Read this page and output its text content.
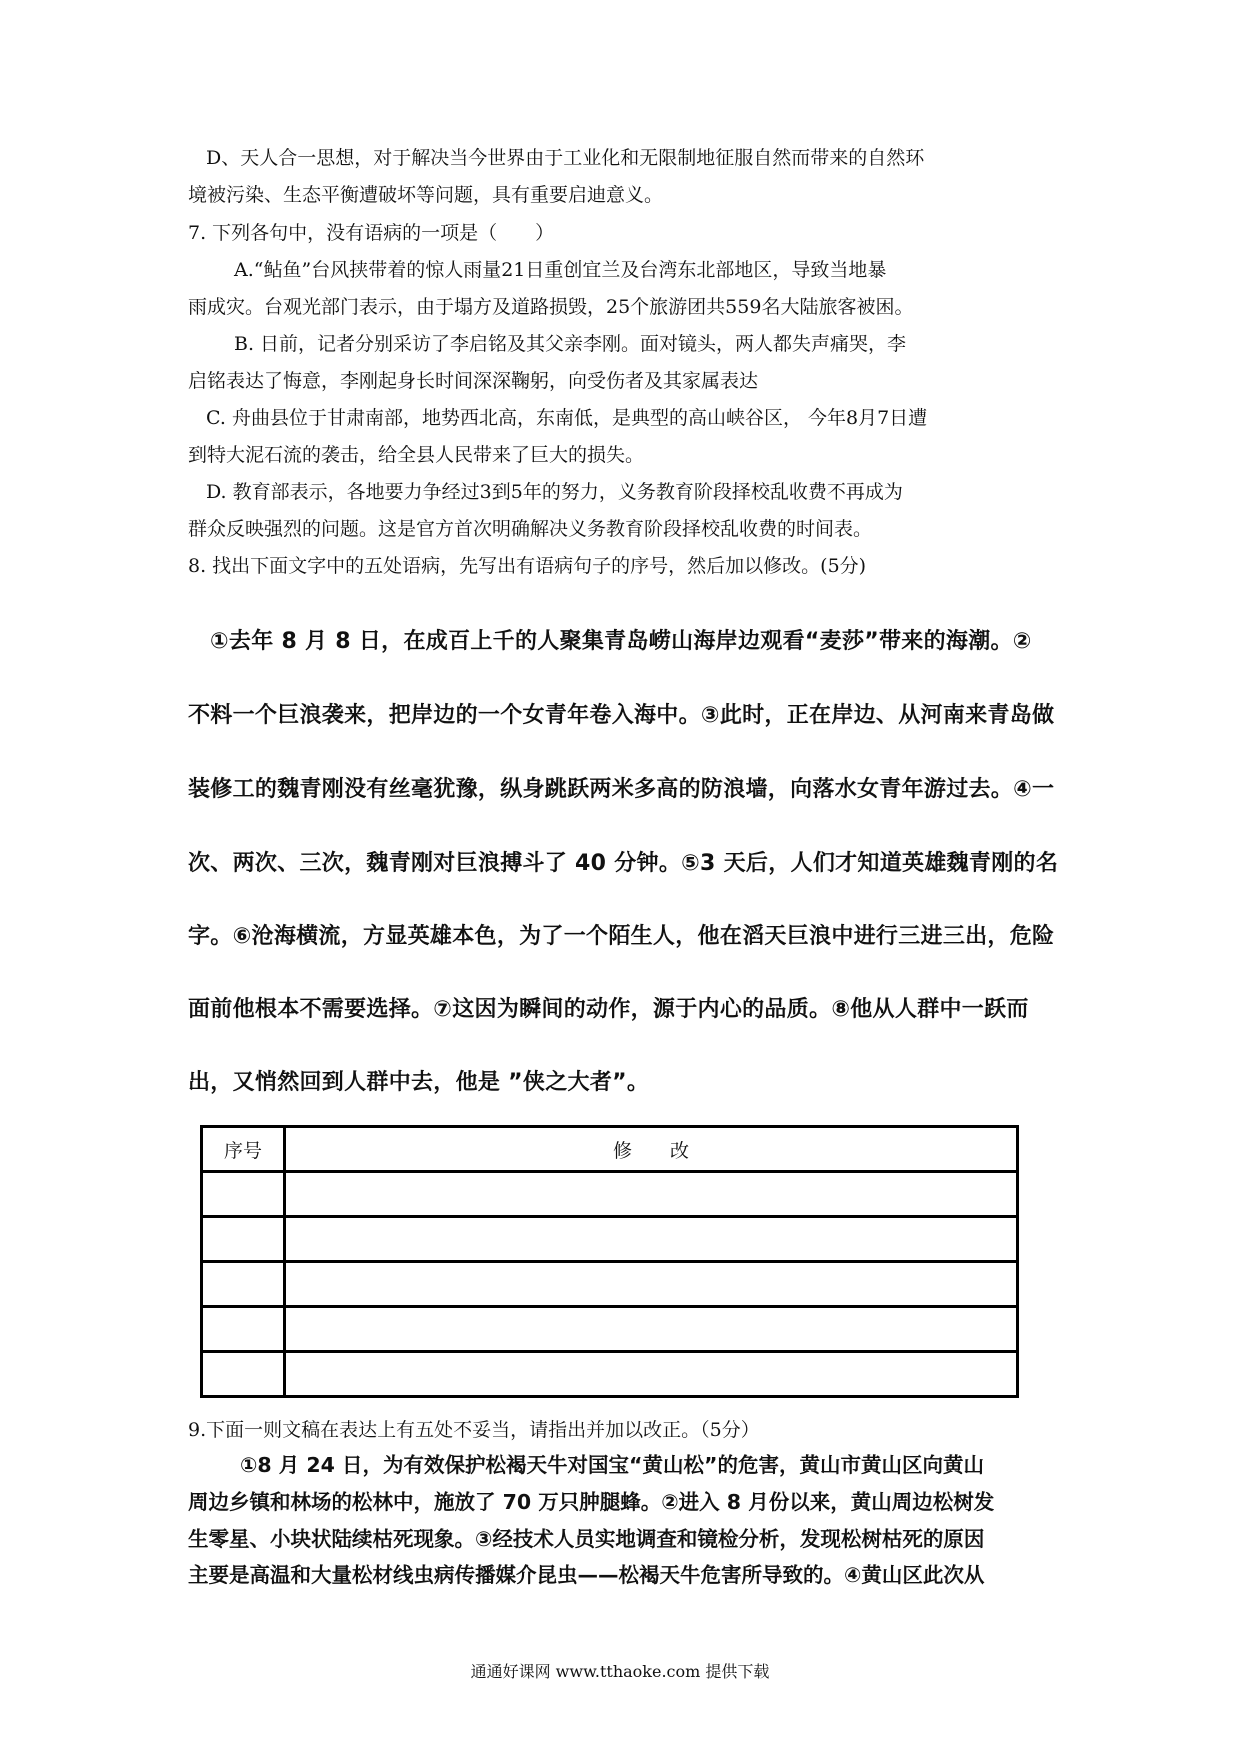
D、天人合一思想，对于解决当今世界由于工业化和无限制地征服自然而带来的自然环
境被污染、生态平衡遭破坏等问题，具有重要启迪意义。
7. 下列各句中，没有语病的一项是（　　）
A.“鲇鱼”台风挟带着的惊人雨量21日重创宜兰及台湾东北部地区，导致当地暴
雨成灾。台观光部门表示，由于塌方及道路损毁，25个旅游团共559名大陆旅客被困。
B. 日前，记者分别采访了李启铭及其父亲李刚。面对镜头，两人都失声痛哭，李
启铭表达了悔意，李刚起身长时间深深鞠躬，向受伤者及其家属表达
C. 舟曲县位于甘肃南部，地势西北高，东南低，是典型的高山峡谷区， 今年8月7日遭
到特大泥石流的袭击，给全县人民带来了巨大的损失。
D. 教育部表示，各地要力争经过3到5年的努力，义务教育阶段择校乱收费不再成为
群众反映强烈的问题。这是官方首次明确解决义务教育阶段择校乱收费的时间表。
8. 找出下面文字中的五处语病，先写出有语病句子的序号，然后加以修改。(5分)
①去年 8 月 8 日，在成百上千的人聚集青岛崂山海岸边观看“麦莎”带来的海潮。②
不料一个巨浪袭来，把岸边的一个女青年卷入海中。③此时，正在岸边、从河南来青岛做
装修工的魏青刚没有丝毫犹豫，纵身跳跃两米多高的防浪墙，向落水女青年游过去。④一
次、两次、三次，魏青刚对巨浪搏斗了 40 分钟。⑤3 天后，人们才知道英雄魏青刚的名
字。⑥沧海横流，方显英雄本色，为了一个陌生人，他在滔天巨浪中进行三进三出，危险
面前他根本不需要选择。⑦这因为瞬间的动作，源于内心的品质。⑧他从人群中一跃而
出，又悄然回到人群中去，他是 ”侠之大者”。
序号	修　　改

9.下面一则文稿在表达上有五处不妥当，请指出并加以改正。（5分）
①8 月 24 日，为有效保护松褐天牛对国宝“黄山松”的危害，黄山市黄山区向黄山
周边乡镇和林场的松林中，施放了 70 万只肿腿蜂。②进入 8 月份以来，黄山周边松树发
生零星、小块状陆续枯死现象。③经技术人员实地调查和镜检分析，发现松树枯死的原因
主要是高温和大量松材线虫病传播媒介昆虫——松褐天牛危害所导致的。④黄山区此次从
通通好课网 www.tthaoke.com 提供下载
